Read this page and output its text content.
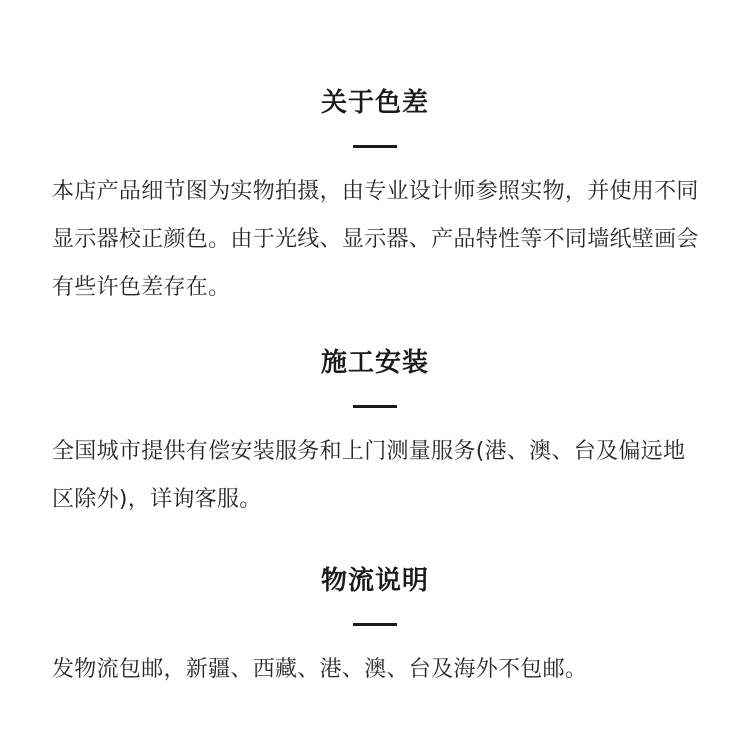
关于色差

本店产品细节图为实物拍摄，由专业设计师参照实物，并使用不同显示器校正颜色。由于光线、显示器、产品特性等不同墙纸壁画会有些许色差存在。

施工安装

全国城市提供有偿安装服务和上门测量服务(港、澳、台及偏远地区除外)，详询客服。

物流说明

发物流包邮，新疆、西藏、港、澳、台及海外不包邮。
